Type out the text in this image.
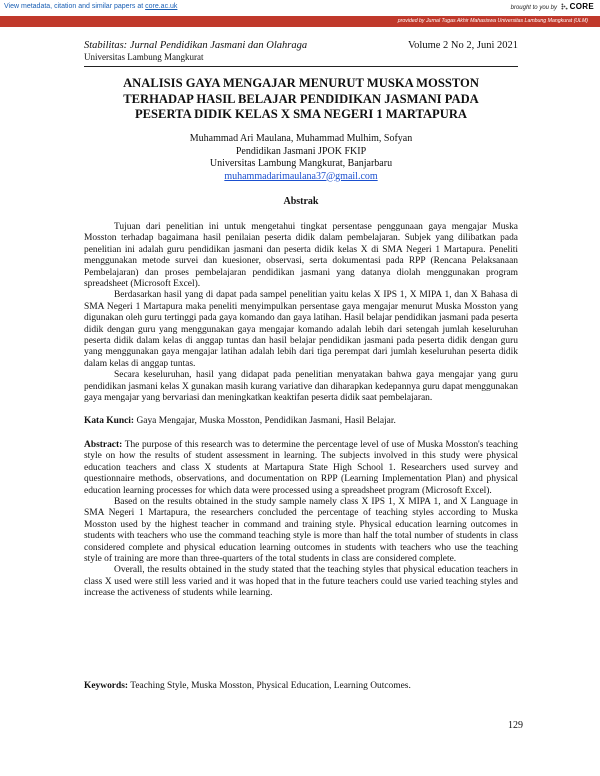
View metadata, citation and similar papers at core.ac.uk	brought to you by CORE
provided by Jurnal Tugas Akhir Mahasiswa Universitas Lambung Mangkurat (ULM)
Stabilitas: Jurnal Pendidikan Jasmani dan Olahraga	Volume 2 No 2, Juni 2021
Universitas Lambung Mangkurat
ANALISIS GAYA MENGAJAR MENURUT MUSKA MOSSTON
TERHADAP HASIL BELAJAR PENDIDIKAN JASMANI PADA
PESERTA DIDIK KELAS X SMA NEGERI 1 MARTAPURA
Muhammad Ari Maulana, Muhammad Mulhim, Sofyan
Pendidikan Jasmani JPOK FKIP
Universitas Lambung Mangkurat, Banjarbaru
muhammadarimaulana37@gmail.com
Abstrak

Tujuan dari penelitian ini untuk mengetahui tingkat persentase penggunaan gaya mengajar Muska Mosston terhadap bagaimana hasil penilaian peserta didik dalam pembelajaran. Subjek yang dilibatkan pada penelitian ini adalah guru pendidikan jasmani dan peserta didik kelas X di SMA Negeri 1 Martapura. Peneliti menggunakan metode survei dan kuesioner, observasi, serta dokumentasi pada RPP (Rencana Pelaksanaan Pembelajaran) dan proses pembelajaran pendidikan jasmani yang datanya diolah menggunakan program spreadsheet (Microsoft Excel).

Berdasarkan hasil yang di dapat pada sampel penelitian yaitu kelas X IPS 1, X MIPA 1, dan X Bahasa di SMA Negeri 1 Martapura maka peneliti menyimpulkan persentase gaya mengajar menurut Muska Mosston yang digunakan oleh guru tertinggi pada gaya komando dan gaya latihan. Hasil belajar pendidikan jasmani pada peserta didik dengan guru yang menggunakan gaya mengajar komando adalah lebih dari setengah jumlah keseluruhan peserta didik dalam kelas di anggap tuntas dan hasil belajar pendidikan jasmani pada peserta didik dengan guru yang menggunakan gaya mengajar latihan adalah lebih dari tiga perempat dari jumlah keseluruhan peserta didik dalam kelas di anggap tuntas.

Secara keseluruhan, hasil yang didapat pada penelitian menyatakan bahwa gaya mengajar yang guru pendidikan jasmani kelas X gunakan masih kurang variative dan diharapkan kedepannya guru dapat menggunakan gaya mengajar yang bervariasi dan meningkatkan keaktifan peserta didik saat pembelajaran.

Kata Kunci: Gaya Mengajar, Muska Mosston, Pendidikan Jasmani, Hasil Belajar.

Abstract: The purpose of this research was to determine the percentage level of use of Muska Mosston's teaching style on how the results of student assessment in learning. The subjects involved in this study were physical education teachers and class X students at Martapura State High School 1. Researchers used survey and questionnaire methods, observations, and documentation on RPP (Learning Implementation Plan) and physical education learning processes for which data were processed using a spreadsheet program (Microsoft Excel).

Based on the results obtained in the study sample namely class X IPS 1, X MIPA 1, and X Language in SMA Negeri 1 Martapura, the researchers concluded the percentage of teaching styles according to Muska Mosston used by the highest teacher in command and training style. Physical education learning outcomes in students with teachers who use the command teaching style is more than half the total number of students in class considered complete and physical education learning outcomes in students with teachers who use the teaching style of training are more than three-quarters of the total students in class are considered complete.

Overall, the results obtained in the study stated that the teaching styles that physical education teachers in class X used were still less varied and it was hoped that in the future teachers could use varied teaching styles and increase the activeness of students while learning.

Keywords: Teaching Style, Muska Mosston, Physical Education, Learning Outcomes.
129
